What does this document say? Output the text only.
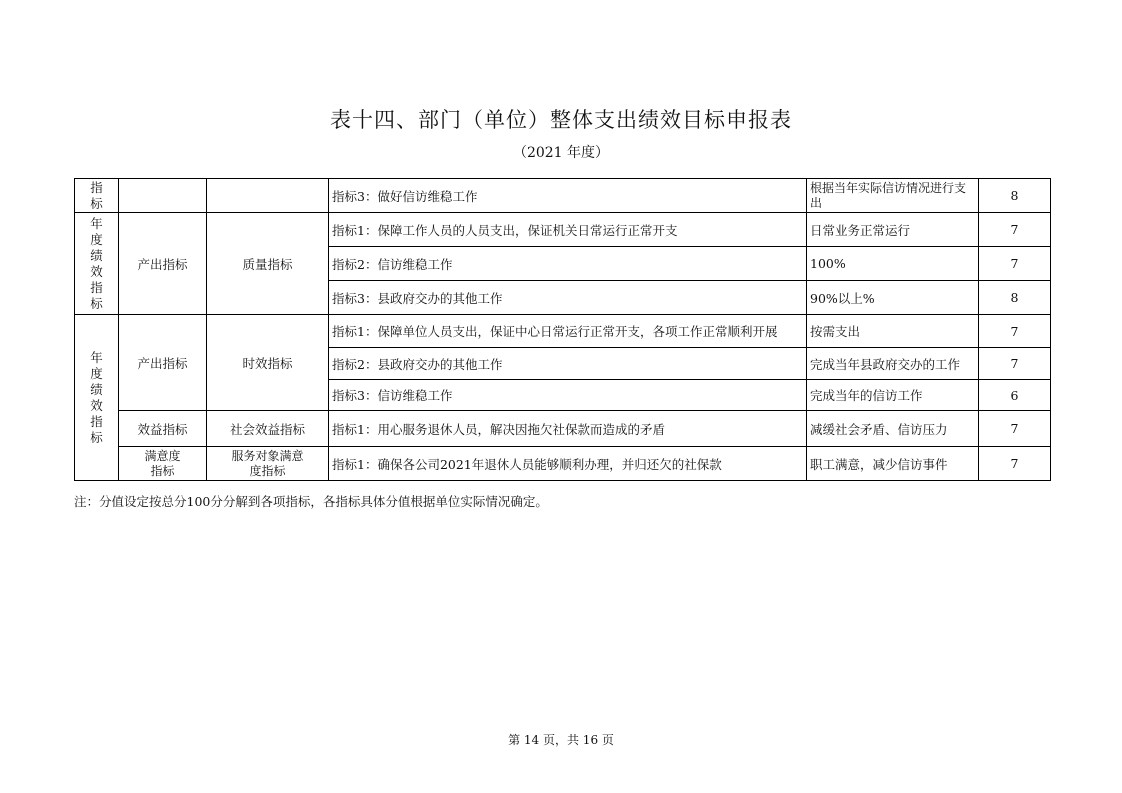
表十四、部门（单位）整体支出绩效目标申报表
（2021 年度）
指标			指标3：做好信访维稳工作	根据当年实际信访情况进行支出	8
年度绩效指标	产出指标	质量指标	指标1：保障工作人员的人员支出，保证机关日常运行正常开支	日常业务正常运行	7
			指标2：信访维稳工作	100%	7
			指标3：县政府交办的其他工作	90%以上%	8
年度绩效指标	产出指标	时效指标	指标1：保障单位人员支出，保证中心日常运行正常开支，各项工作正常顺利开展	按需支出	7
			指标2：县政府交办的其他工作	完成当年县政府交办的工作	7
			指标3：信访维稳工作	完成当年的信访工作	6
	效益指标	社会效益指标	指标1：用心服务退休人员，解决因拖欠社保款而造成的矛盾	减缓社会矛盾、信访压力	7
	满意度指标	服务对象满意度指标	指标1：确保各公司2021年退休人员能够顺利办理，并归还欠的社保款	职工满意，减少信访事件	7
注：分值设定按总分100分分解到各项指标，各指标具体分值根据单位实际情况确定。
第 14 页，共 16 页
